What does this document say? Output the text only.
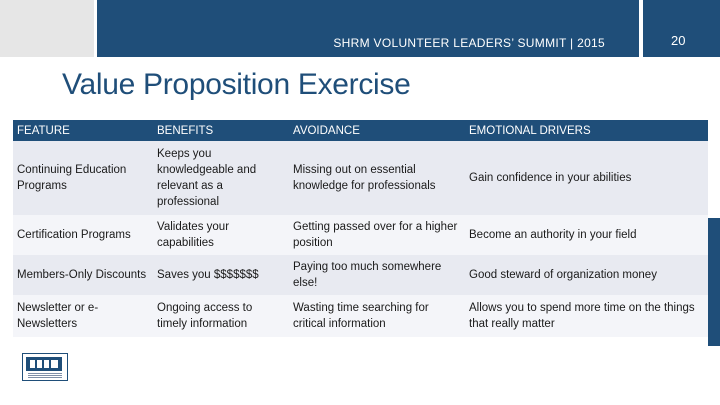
SHRM VOLUNTEER LEADERS’ SUMMIT | 2015	20
Value Proposition Exercise
FEATURE	BENEFITS	AVOIDANCE	EMOTIONAL DRIVERS
Continuing Education Programs	Keeps you knowledgeable and relevant as a professional	Missing out on essential knowledge for professionals	Gain confidence in your abilities
Certification Programs	Validates your capabilities	Getting passed over for a higher position	Become an authority in your field
Members-Only Discounts	Saves you $$$$$$$	Paying too much somewhere else!	Good steward of organization money
Newsletter or e-Newsletters	Ongoing access to timely information	Wasting time searching for critical information	Allows you to spend more time on the things that really matter
